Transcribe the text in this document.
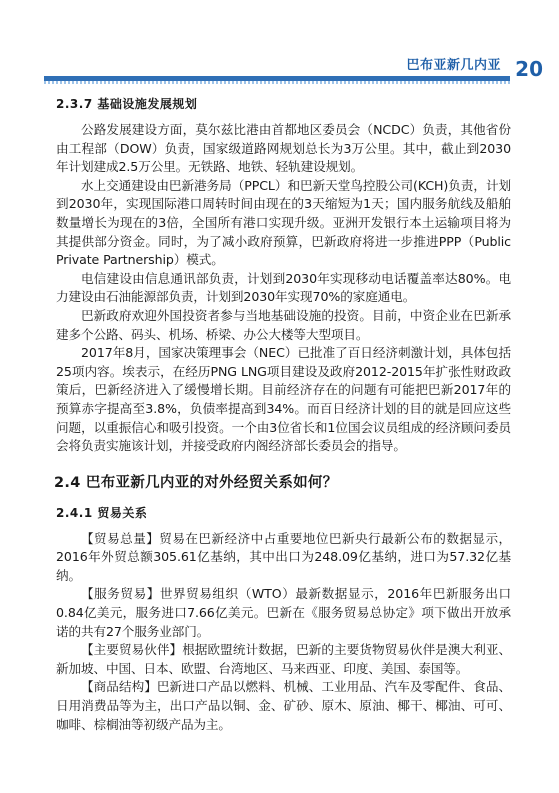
巴布亚新几内亚 20
2.3.7 基础设施发展规划

公路发展建设方面，莫尔兹比港由首都地区委员会（NCDC）负责，其他省份由工程部（DOW）负责，国家级道路网规划总长为3万公里。其中，截止到2030年计划建成2.5万公里。无铁路、地铁、轻轨建设规划。

水上交通建设由巴新港务局（PPCL）和巴新天堂鸟控股公司(KCH)负责，计划到2030年，实现国际港口周转时间由现在的3天缩短为1天；国内服务航线及船舶数量增长为现在的3倍，全国所有港口实现升级。亚洲开发银行本土运输项目将为其提供部分资金。同时，为了减小政府预算，巴新政府将进一步推进PPP（Public Private Partnership）模式。

电信建设由信息通讯部负责，计划到2030年实现移动电话覆盖率达80%。电力建设由石油能源部负责，计划到2030年实现70%的家庭通电。

巴新政府欢迎外国投资者参与当地基础设施的投资。目前，中资企业在巴新承建多个公路、码头、机场、桥梁、办公大楼等大型项目。

2017年8月，国家决策理事会（NEC）已批准了百日经济刺激计划，具体包括25项内容。埃表示，在经历PNG LNG项目建设及政府2012-2015年扩张性财政政策后，巴新经济进入了缓慢增长期。目前经济存在的问题有可能把巴新2017年的预算赤字提高至3.8%，负债率提高到34%。而百日经济计划的目的就是回应这些问题，以重振信心和吸引投资。一个由3位省长和1位国会议员组成的经济顾问委员会将负责实施该计划，并接受政府内阁经济部长委员会的指导。

2.4 巴布亚新几内亚的对外经贸关系如何？
2.4.1 贸易关系

【贸易总量】贸易在巴新经济中占重要地位巴新央行最新公布的数据显示，2016年外贸总额305.61亿基纳，其中出口为248.09亿基纳，进口为57.32亿基纳。

【服务贸易】世界贸易组织（WTO）最新数据显示，2016年巴新服务出口0.84亿美元，服务进口7.66亿美元。巴新在《服务贸易总协定》项下做出开放承诺的共有27个服务业部门。

【主要贸易伙伴】根据欧盟统计数据，巴新的主要货物贸易伙伴是澳大利亚、新加坡、中国、日本、欧盟、台湾地区、马来西亚、印度、美国、泰国等。

【商品结构】巴新进口产品以燃料、机械、工业用品、汽车及零配件、食品、日用消费品等为主，出口产品以铜、金、矿砂、原木、原油、椰干、椰油、可可、咖啡、棕榈油等初级产品为主。
